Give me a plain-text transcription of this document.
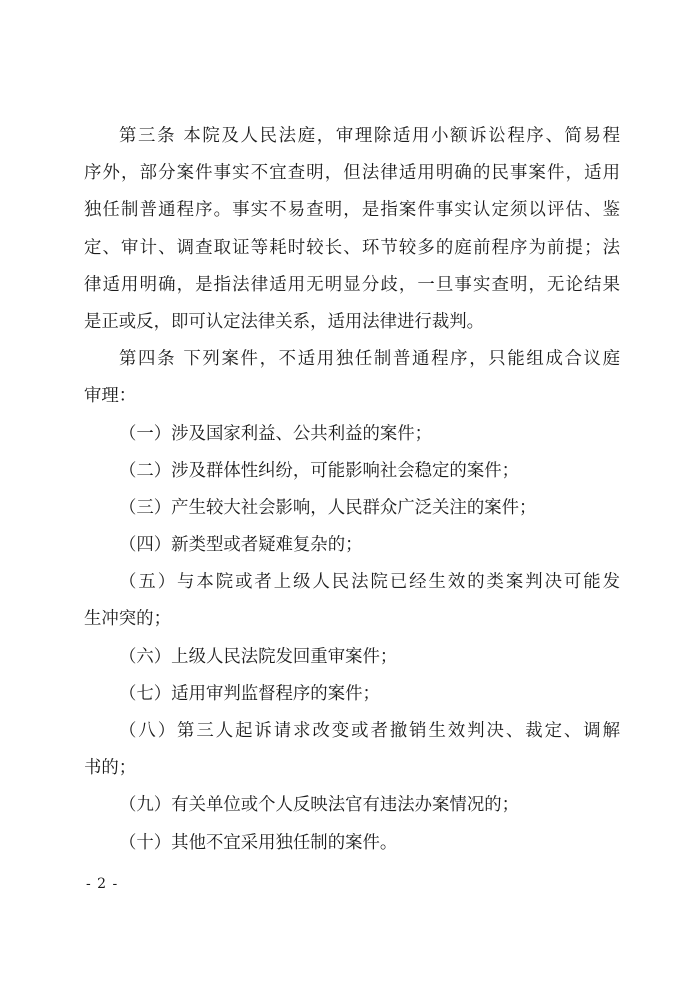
第三条 本院及人民法庭，审理除适用小额诉讼程序、简易程
序外，部分案件事实不宜查明，但法律适用明确的民事案件，适用
独任制普通程序。事实不易查明，是指案件事实认定须以评估、鉴
定、审计、调查取证等耗时较长、环节较多的庭前程序为前提；法
律适用明确，是指法律适用无明显分歧，一旦事实查明，无论结果
是正或反，即可认定法律关系，适用法律进行裁判。
第四条 下列案件，不适用独任制普通程序，只能组成合议庭
审理：
（一）涉及国家利益、公共利益的案件；
（二）涉及群体性纠纷，可能影响社会稳定的案件；
（三）产生较大社会影响，人民群众广泛关注的案件；
（四）新类型或者疑难复杂的；
（五）与本院或者上级人民法院已经生效的类案判决可能发
生冲突的；
（六）上级人民法院发回重审案件；
（七）适用审判监督程序的案件；
（八）第三人起诉请求改变或者撤销生效判决、裁定、调解
书的；
（九）有关单位或个人反映法官有违法办案情况的；
（十）其他不宜采用独任制的案件。
- 2 -
